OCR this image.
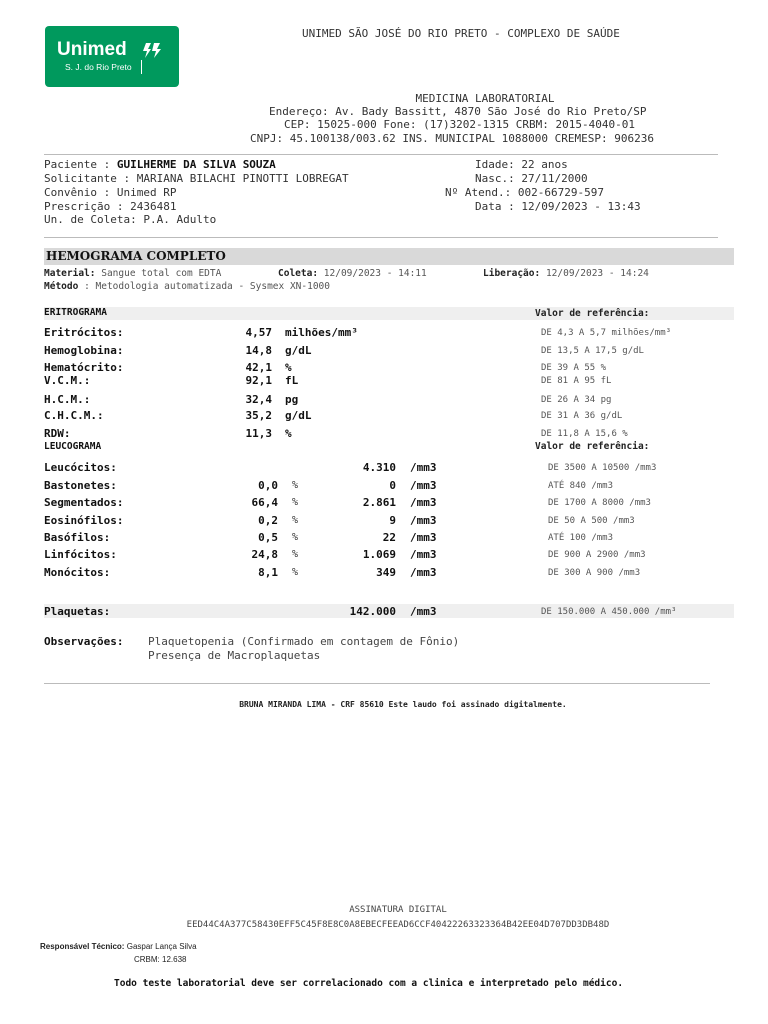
Unimed
S. J. do Rio Preto
UNIMED SÃO JOSÉ DO RIO PRETO - COMPLEXO DE SAÚDE
MEDICINA LABORATORIAL
Endereço: Av. Bady Bassitt, 4870 São José do Rio Preto/SP
CEP: 15025-000 Fone: (17)3202-1315 CRBM: 2015-4040-01
CNPJ: 45.100138/003.62 INS. MUNICIPAL 1088000 CREMESP: 906236
Paciente : GUILHERME DA SILVA SOUZA
Solicitante : MARIANA BILACHI PINOTTI LOBREGAT
Convênio : Unimed RP
Prescrição : 2436481
Un. de Coleta: P.A. Adulto
Idade: 22 anos
Nasc.: 27/11/2000
Nº Atend.: 002-66729-597
Data : 12/09/2023 - 13:43
HEMOGRAMA COMPLETO
Material: Sangue total com EDTA	Coleta: 12/09/2023 - 14:11	Liberação: 12/09/2023 - 14:24
Método : Metodologia automatizada - Sysmex XN-1000
ERITROGRAMA	Valor de referência:
Eritrócitos:	4,57 milhões/mm³	DE 4,3 A 5,7 milhões/mm³
Hemoglobina:	14,8 g/dL	DE 13,5 A 17,5 g/dL
Hematócrito:	42,1 %	DE 39 A 55 %
V.C.M.:	92,1 fL	DE 81 A 95 fL
H.C.M.:	32,4 pg	DE 26 A 34 pg
C.H.C.M.:	35,2 g/dL	DE 31 A 36 g/dL
RDW:	11,3 %	DE 11,8 A 15,6 %
LEUCOGRAMA	Valor de referência:
Leucócitos:	4.310 /mm3	DE 3500 A 10500 /mm3
Bastonetes:	0,0 %	0 /mm3	ATÉ 840 /mm3
Segmentados:	66,4 %	2.861 /mm3	DE 1700 A 8000 /mm3
Eosinófilos:	0,2 %	9 /mm3	DE 50 A 500 /mm3
Basófilos:	0,5 %	22 /mm3	ATÉ 100 /mm3
Linfócitos:	24,8 %	1.069 /mm3	DE 900 A 2900 /mm3
Monócitos:	8,1 %	349 /mm3	DE 300 A 900 /mm3
Plaquetas:	142.000 /mm3	DE 150.000 A 450.000 /mm³
Observações: Plaquetopenia (Confirmado em contagem de Fônio)
Presença de Macroplaquetas
BRUNA MIRANDA LIMA - CRF 85610 Este laudo foi assinado digitalmente.
ASSINATURA DIGITAL
EED44C4A377C58430EFF5C45F8E8C0A8EBECFEEAD6CCF40422263323364B42EE04D707DD3DB48D
Responsável Técnico: Gaspar Lança Silva
CRBM: 12.638
Todo teste laboratorial deve ser correlacionado com a clinica e interpretado pelo médico.
